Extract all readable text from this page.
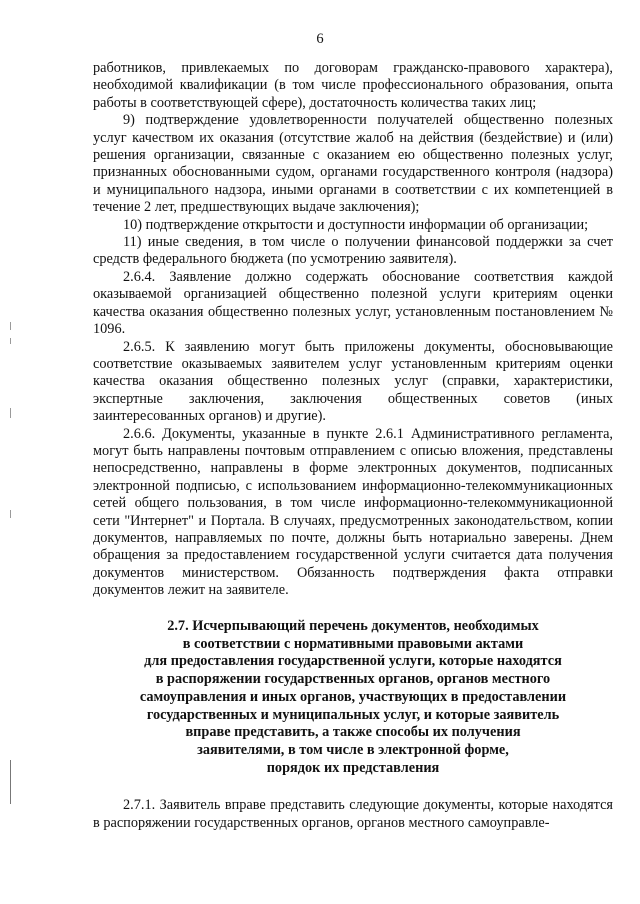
6

работников, привлекаемых по договорам гражданско-правового характера), необходимой квалификации (в том числе профессионального образования, опыта работы в соответствующей сфере), достаточность количества таких лиц;

9) подтверждение удовлетворенности получателей общественно полезных услуг качеством их оказания (отсутствие жалоб на действия (бездействие) и (или) решения организации, связанные с оказанием ею общественно полезных услуг, признанных обоснованными судом, органами государственного контроля (надзора) и муниципального надзора, иными органами в соответствии с их компетенцией в течение 2 лет, предшествующих выдаче заключения);

10) подтверждение открытости и доступности информации об организации;

11) иные сведения, в том числе о получении финансовой поддержки за счет средств федерального бюджета (по усмотрению заявителя).

2.6.4. Заявление должно содержать обоснование соответствия каждой оказываемой организацией общественно полезной услуги критериям оценки качества оказания общественно полезных услуг, установленным постановлением № 1096.

2.6.5. К заявлению могут быть приложены документы, обосновывающие соответствие оказываемых заявителем услуг установленным критериям оценки качества оказания общественно полезных услуг (справки, характеристики, экспертные заключения, заключения общественных советов (иных заинтересованных органов) и другие).

2.6.6. Документы, указанные в пункте 2.6.1 Административного регламента, могут быть направлены почтовым отправлением с описью вложения, представлены непосредственно, направлены в форме электронных документов, подписанных электронной подписью, с использованием информационно-телекоммуникационных сетей общего пользования, в том числе информационно-телекоммуникационной сети "Интернет" и Портала. В случаях, предусмотренных законодательством, копии документов, направляемых по почте, должны быть нотариально заверены. Днем обращения за предоставлением государственной услуги считается дата получения документов министерством. Обязанность подтверждения факта отправки документов лежит на заявителе.

2.7. Исчерпывающий перечень документов, необходимых
в соответствии с нормативными правовыми актами
для предоставления государственной услуги, которые находятся
в распоряжении государственных органов, органов местного
самоуправления и иных органов, участвующих в предоставлении
государственных и муниципальных услуг, и которые заявитель
вправе представить, а также способы их получения
заявителями, в том числе в электронной форме,
порядок их представления

2.7.1. Заявитель вправе представить следующие документы, которые находятся в распоряжении государственных органов, органов местного самоуправле-
